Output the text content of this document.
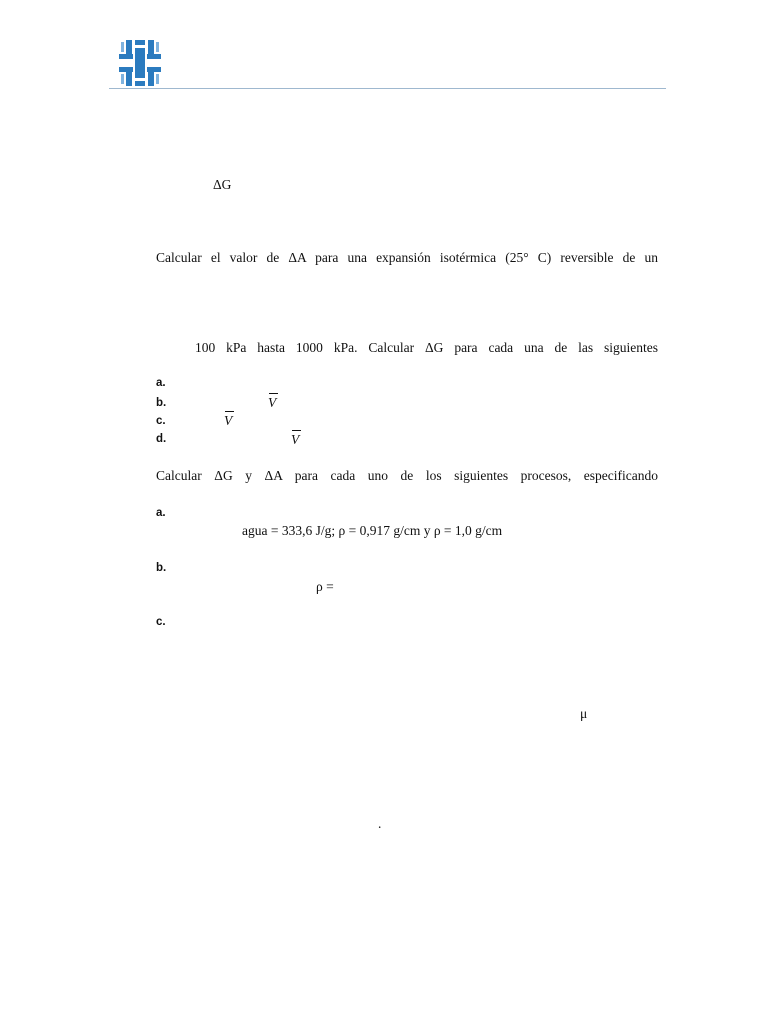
ΔG
Calcular el valor de ΔA para una expansión isotérmica (25° C) reversible de un
100 kPa hasta 1000 kPa. Calcular ΔG para cada una de las siguientes
a.
b.	V
c.	V
d.	V
Calcular ΔG y ΔA para cada uno de los siguientes procesos, especificando
a.
agua = 333,6 J/g; ρ = 0,917 g/cm y ρ = 1,0 g/cm
b.
ρ =
c.
μ
.
